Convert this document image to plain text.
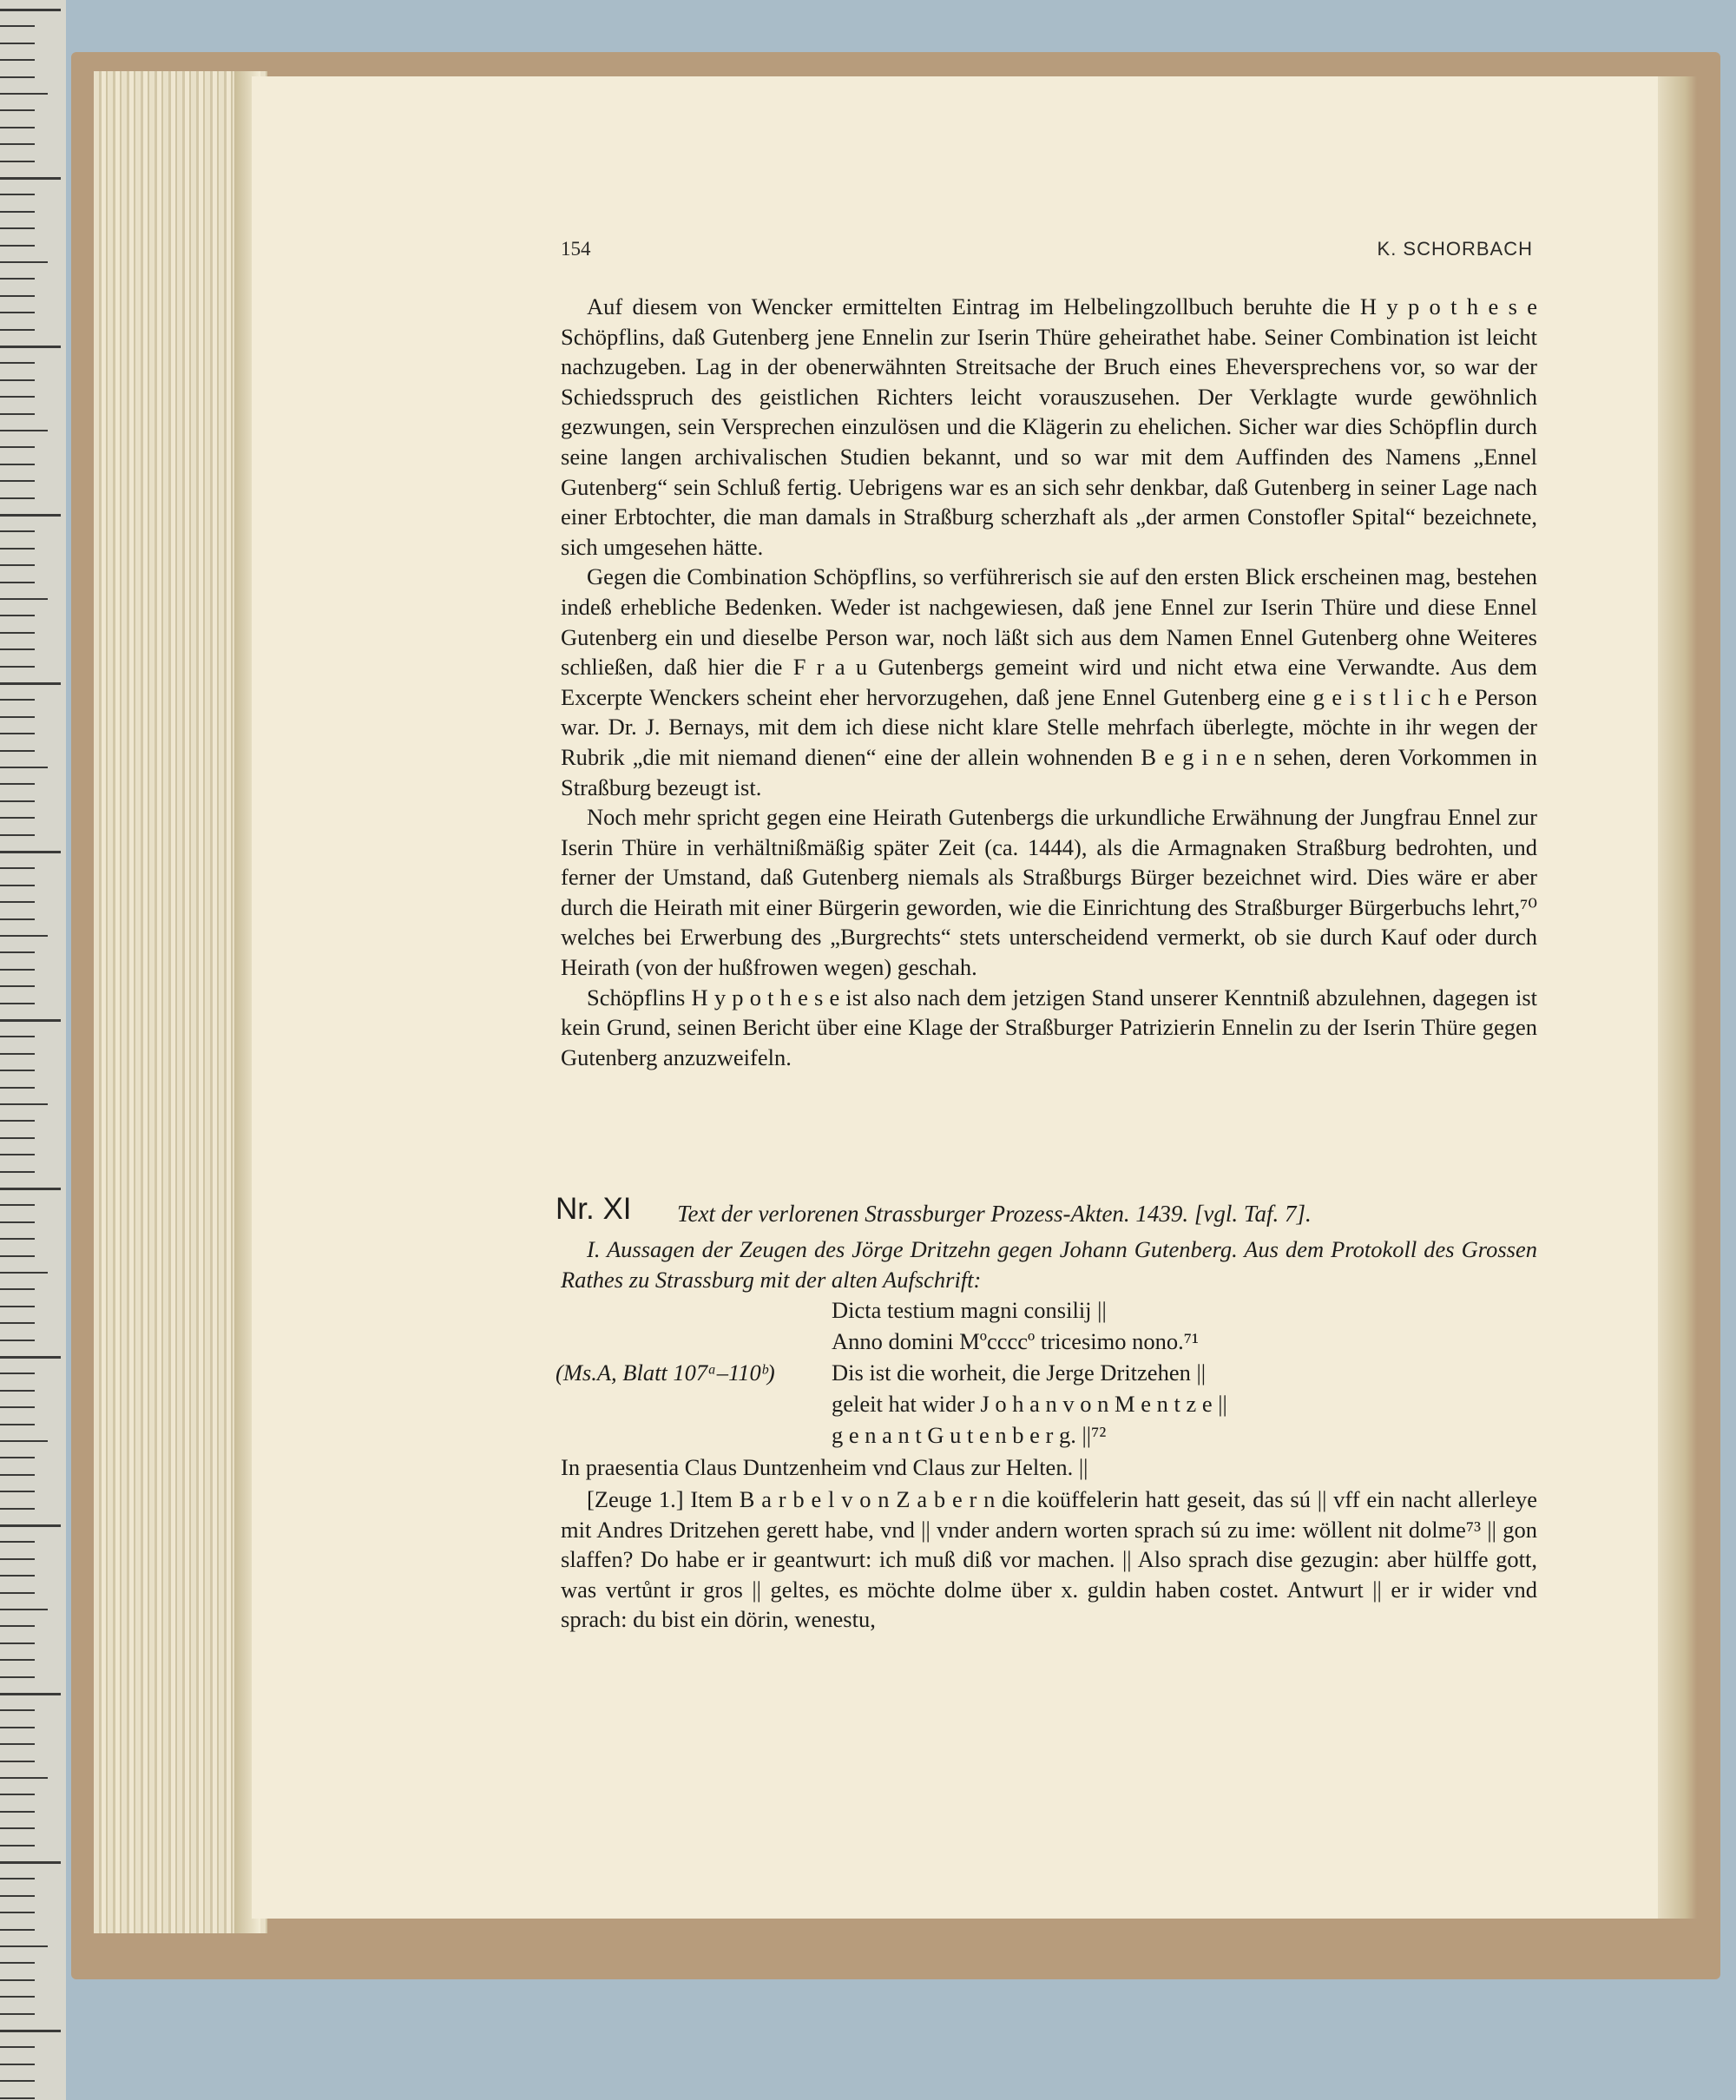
154	K. SCHORBACH

Auf diesem von Wencker ermittelten Eintrag im Helbelingzollbuch beruhte die H y p o t h e s e Schöpflins, daß Gutenberg jene Ennelin zur Iserin Thüre geheirathet habe. Seiner Combination ist leicht nachzugeben. Lag in der obenerwähnten Streitsache der Bruch eines Eheversprechens vor, so war der Schiedsspruch des geistlichen Richters leicht vorauszusehen. Der Verklagte wurde gewöhnlich gezwungen, sein Versprechen einzulösen und die Klägerin zu ehelichen. Sicher war dies Schöpflin durch seine langen archivalischen Studien bekannt, und so war mit dem Auffinden des Namens „Ennel Gutenberg“ sein Schluß fertig. Uebrigens war es an sich sehr denkbar, daß Gutenberg in seiner Lage nach einer Erbtochter, die man damals in Straßburg scherzhaft als „der armen Constofler Spital“ bezeichnete, sich umgesehen hätte.

Gegen die Combination Schöpflins, so verführerisch sie auf den ersten Blick erscheinen mag, bestehen indeß erhebliche Bedenken. Weder ist nachgewiesen, daß jene Ennel zur Iserin Thüre und diese Ennel Gutenberg ein und dieselbe Person war, noch läßt sich aus dem Namen Ennel Gutenberg ohne Weiteres schließen, daß hier die F r a u Gutenbergs gemeint wird und nicht etwa eine Verwandte. Aus dem Excerpte Wenckers scheint eher hervorzugehen, daß jene Ennel Gutenberg eine g e i s t l i c h e Person war. Dr. J. Bernays, mit dem ich diese nicht klare Stelle mehrfach überlegte, möchte in ihr wegen der Rubrik „die mit niemand dienen“ eine der allein wohnenden B e g i n e n sehen, deren Vorkommen in Straßburg bezeugt ist.

Noch mehr spricht gegen eine Heirath Gutenbergs die urkundliche Erwähnung der Jungfrau Ennel zur Iserin Thüre in verhältnißmäßig später Zeit (ca. 1444), als die Armagnaken Straßburg bedrohten, und ferner der Umstand, daß Gutenberg niemals als Straßburgs Bürger bezeichnet wird. Dies wäre er aber durch die Heirath mit einer Bürgerin geworden, wie die Einrichtung des Straßburger Bürgerbuchs lehrt,⁷⁰ welches bei Erwerbung des „Burgrechts“ stets unterscheidend vermerkt, ob sie durch Kauf oder durch Heirath (von der hußfrowen wegen) geschah.

Schöpflins H y p o t h e s e ist also nach dem jetzigen Stand unserer Kenntniß abzulehnen, dagegen ist kein Grund, seinen Bericht über eine Klage der Straßburger Patrizierin Ennelin zu der Iserin Thüre gegen Gutenberg anzuzweifeln.

Nr. XI Text der verlorenen Strassburger Prozess-Akten. 1439. [vgl. Taf. 7].

I. Aussagen der Zeugen des Jörge Dritzehn gegen Johann Gutenberg. Aus dem Protokoll des Grossen Rathes zu Strassburg mit der alten Aufschrift:

Dicta testium magni consilij ||
Anno domini Mºccccº tricesimo nono.⁷¹
(Ms.A, Blatt 107ᵃ–110ᵇ) Dis ist die worheit, die Jerge Dritzehen ||
geleit hat wider J o h a n v o n M e n t z e ||
g e n a n t G u t e n b e r g. ||⁷²
In praesentia Claus Duntzenheim vnd Claus zur Helten. ||

[Zeuge 1.] Item B a r b e l v o n Z a b e r n die koüffelerin hatt geseit, das sú || vff ein nacht allerleye mit Andres Dritzehen gerett habe, vnd || vnder andern worten sprach sú zu ime: wöllent nit dolme⁷³ || gon slaffen? Do habe er ir geantwurt: ich muß diß vor machen. || Also sprach dise gezugin: aber hülffe gott, was vertůnt ir gros || geltes, es möchte dolme über x. guldin haben costet. Antwurt || er ir wider vnd sprach: du bist ein dörin, wenestu,
